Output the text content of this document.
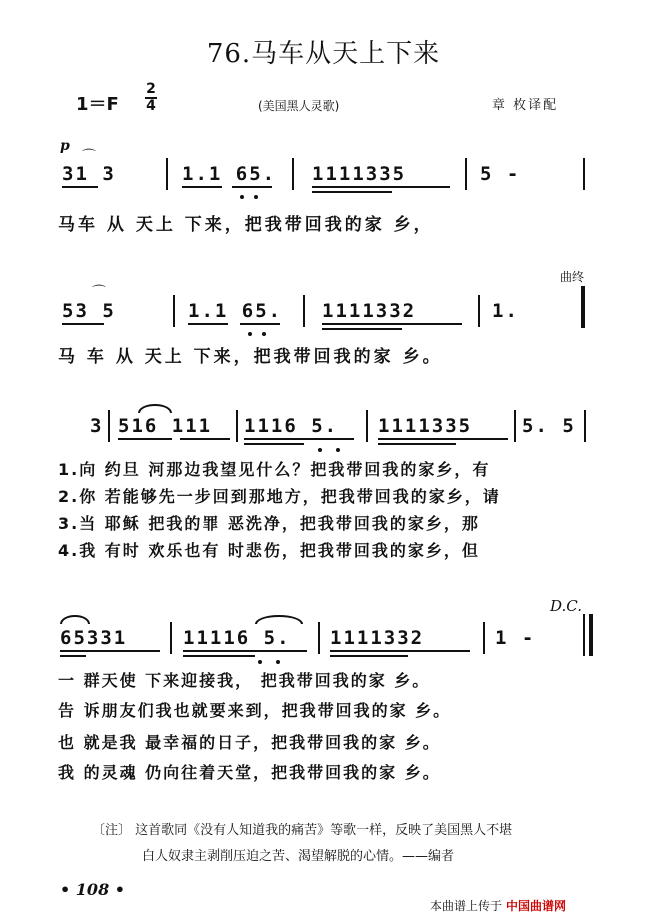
76.马车从天上下来
1＝F
2
4	(美国黑人灵歌)	章 枚译配
p
曲终
D.C.
31 3	1.1 65. 1111335	5 -
⌒
马车 从 天上 下来，把我带回我的家 乡，
53 5	1.1 65. 1111332	1.
⌒
马 车 从 天上 下来，把我带回我的家 乡。
3 516 111 1116 5. 1111335	5. 5
1.向 约旦 河那边我望见什么？把我带回我的家乡，有
2.你 若能够先一步回到那地方，把我带回我的家乡，请
3.当 耶稣 把我的罪 恶洗净，把我带回我的家乡，那
4.我 有时 欢乐也有 时悲伤，把我带回我的家乡，但
65331	11116 5. 1111332	1 -
一 群天使 下来迎接我， 把我带回我的家 乡。
告 诉朋友们我也就要来到，把我带回我的家 乡。
也 就是我 最幸福的日子，把我带回我的家 乡。
我 的灵魂 仍向往着天堂，把我带回我的家 乡。
〔注〕 这首歌同《没有人知道我的痛苦》等歌一样，反映了美国黑人不堪
白人奴隶主剥削压迫之苦、渴望解脱的心情。——编者
• 108 •
本曲谱上传于 中国曲谱网
